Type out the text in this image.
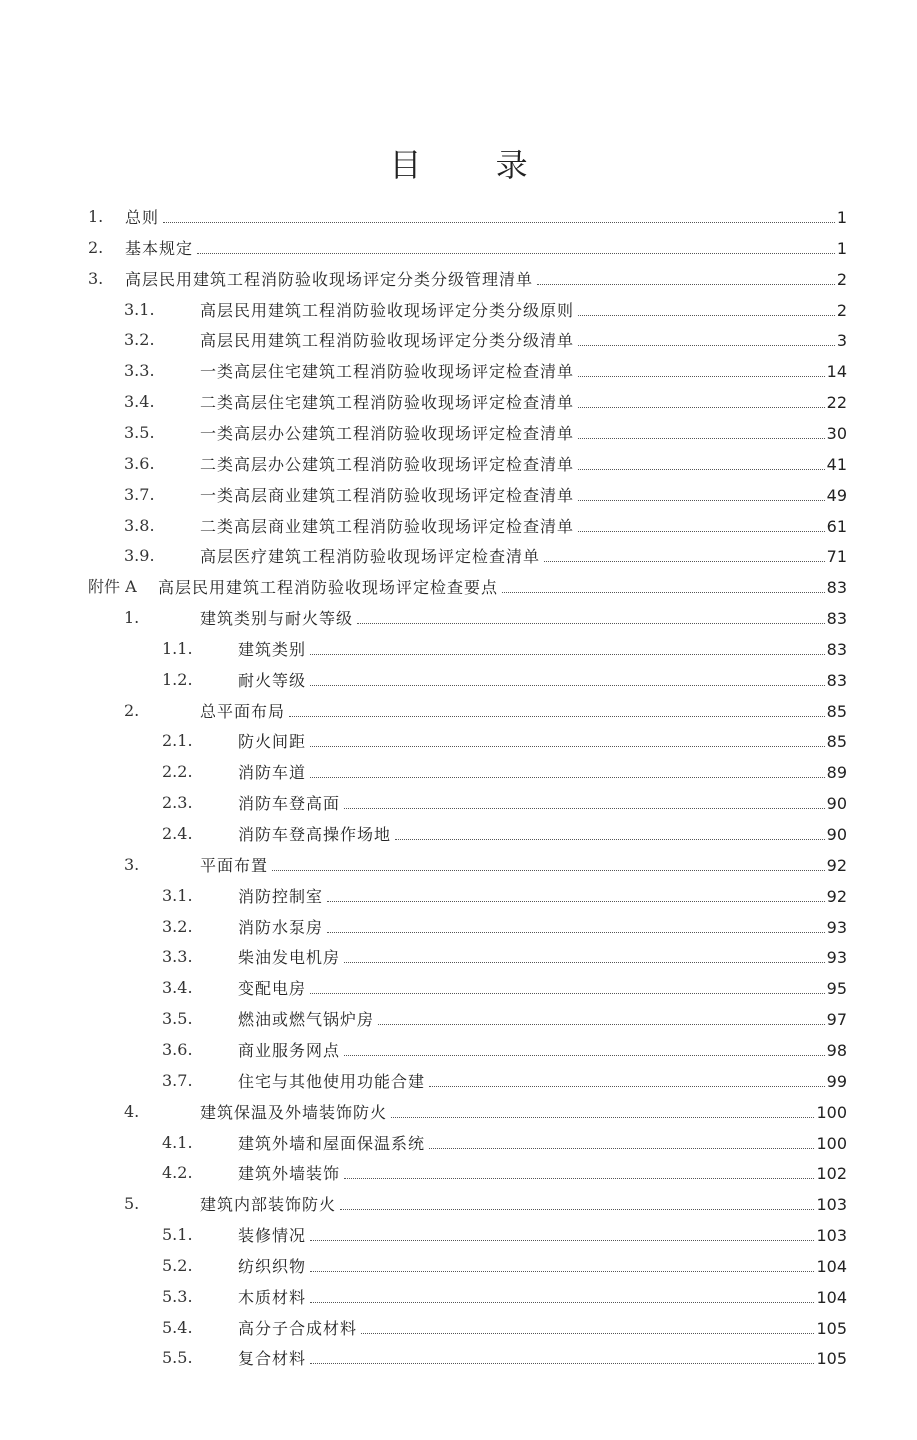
目 录
1. 总则	1
2. 基本规定	1
3. 高层民用建筑工程消防验收现场评定分类分级管理清单	2
3.1.	高层民用建筑工程消防验收现场评定分类分级原则	2
3.2.	高层民用建筑工程消防验收现场评定分类分级清单	3
3.3.	一类高层住宅建筑工程消防验收现场评定检查清单	14
3.4.	二类高层住宅建筑工程消防验收现场评定检查清单	22
3.5.	一类高层办公建筑工程消防验收现场评定检查清单	30
3.6.	二类高层办公建筑工程消防验收现场评定检查清单	41
3.7.	一类高层商业建筑工程消防验收现场评定检查清单	49
3.8.	二类高层商业建筑工程消防验收现场评定检查清单	61
3.9.	高层医疗建筑工程消防验收现场评定检查清单	71
附件 A 高层民用建筑工程消防验收现场评定检查要点	83
1.	建筑类别与耐火等级	83
1.1.	建筑类别	83
1.2.	耐火等级	83
2.	总平面布局	85
2.1.	防火间距	85
2.2.	消防车道	89
2.3.	消防车登高面	90
2.4.	消防车登高操作场地	90
3.	平面布置	92
3.1.	消防控制室	92
3.2.	消防水泵房	93
3.3.	柴油发电机房	93
3.4.	变配电房	95
3.5.	燃油或燃气锅炉房	97
3.6.	商业服务网点	98
3.7.	住宅与其他使用功能合建	99
4.	建筑保温及外墙装饰防火	100
4.1.	建筑外墙和屋面保温系统	100
4.2.	建筑外墙装饰	102
5.	建筑内部装饰防火	103
5.1.	装修情况	103
5.2.	纺织织物	104
5.3.	木质材料	104
5.4.	高分子合成材料	105
5.5.	复合材料	105
